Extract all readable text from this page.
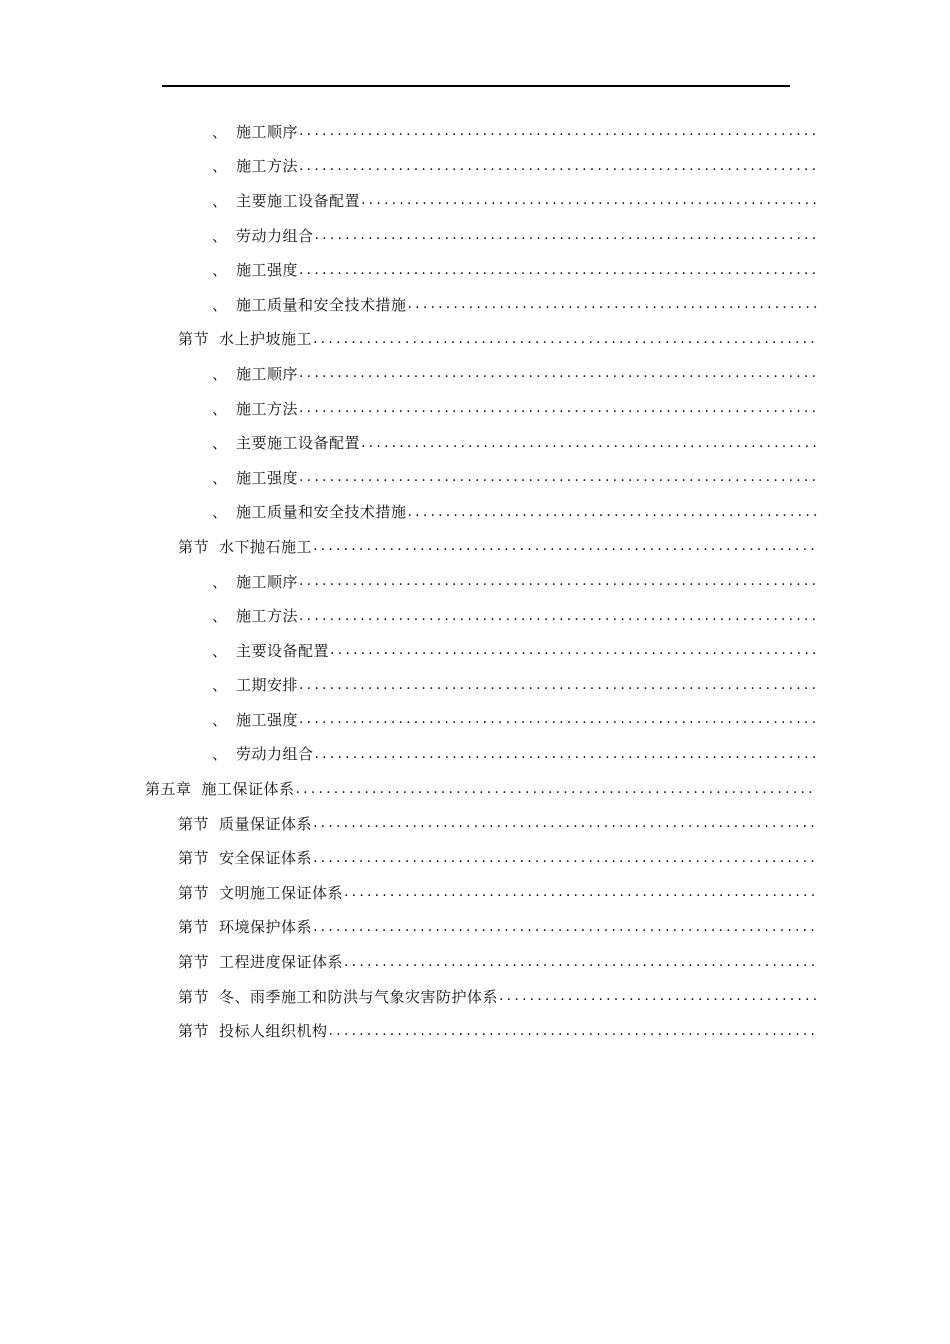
、 施工顺序
.....
、 施工方法
.....
、 主要施工设备配置
.....
、 劳动力组合
.....
、 施工强度
.....
、 施工质量和安全技术措施
.....
第节 水上护坡施工
.....
、 施工顺序
.....
、 施工方法
.....
、 主要施工设备配置
.....
、 施工强度
.....
、 施工质量和安全技术措施
.....
第节 水下抛石施工
.....
、 施工顺序
.....
、 施工方法
.....
、 主要设备配置
.....
、 工期安排
.....
、 施工强度
.....
、 劳动力组合
.....
第五章 施工保证体系
.....
第节 质量保证体系
.....
第节 安全保证体系
.....
第节 文明施工保证体系
.....
第节 环境保护体系
.....
第节 工程进度保证体系
.....
第节 冬、雨季施工和防洪与气象灾害防护体系
.....
第节 投标人组织机构
.....
